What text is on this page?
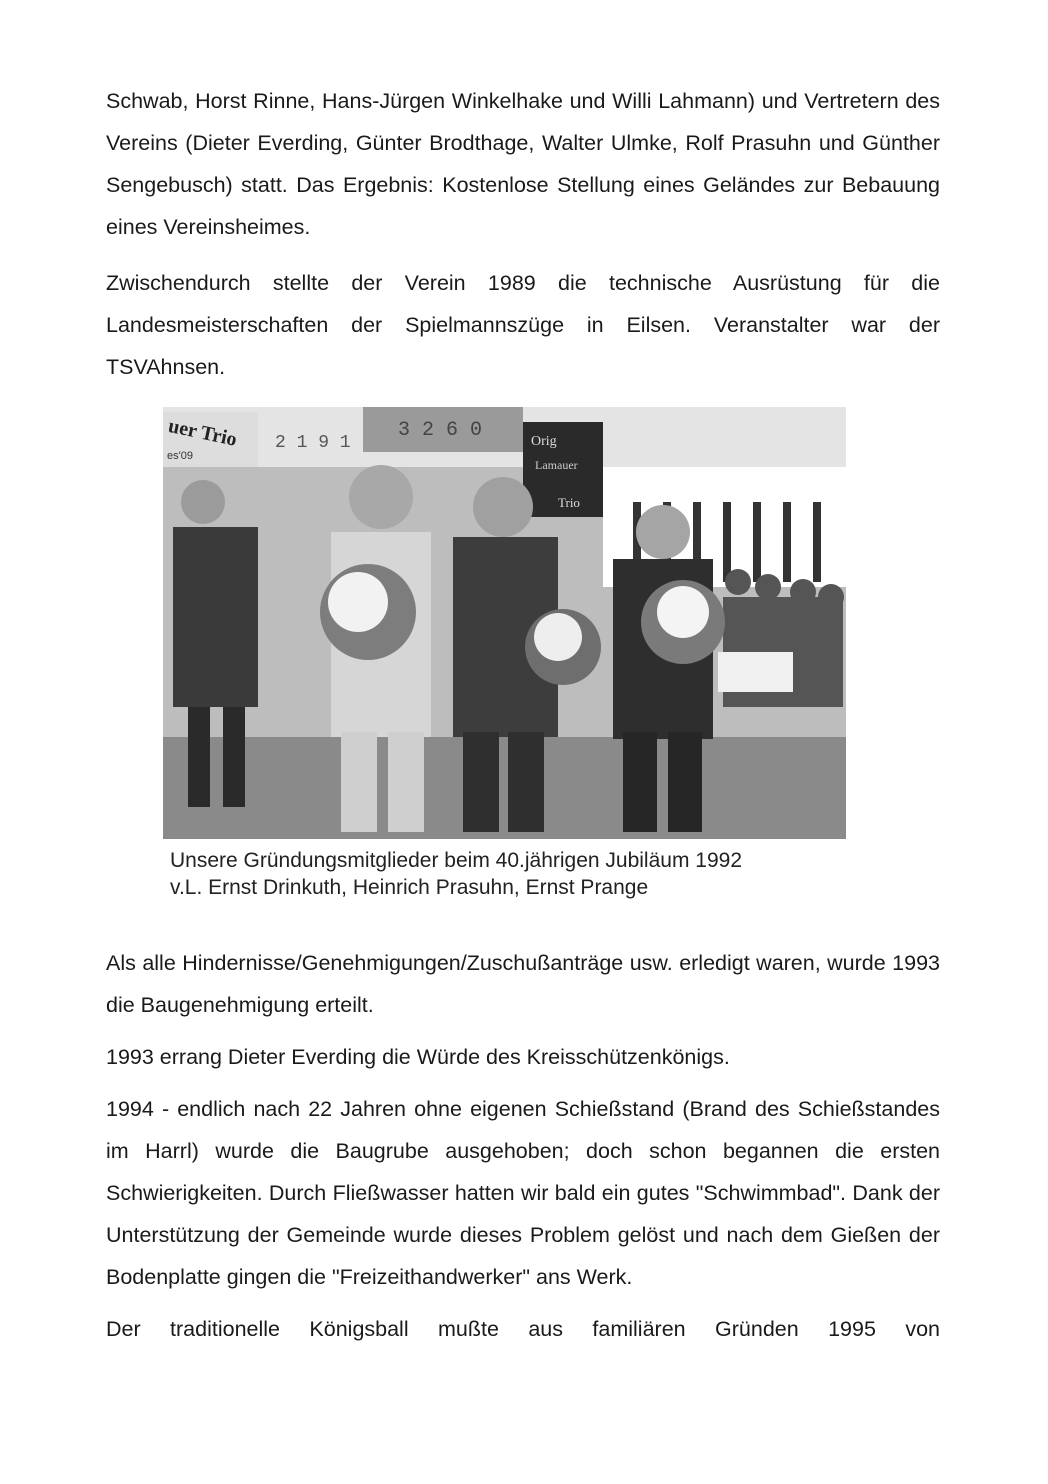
Schwab, Horst Rinne, Hans-Jürgen Winkelhake und Willi Lahmann) und Vertretern des Vereins (Dieter Everding, Günter Brodthage, Walter Ulmke, Rolf Prasuhn und Günther Sengebusch) statt. Das Ergebnis: Kostenlose Stellung eines Geländes zur Bebauung eines Vereinsheimes.

Zwischendurch stellte der Verein 1989 die technische Ausrüstung für die Landesmeisterschaften der Spielmannszüge in Eilsen. Veranstalter war der TSVAhnsen.

uer Trio
es'09
2 1 9 1
3 2 6 0	Orig
Lamauer
Trio
Unsere Gründungsmitglieder beim 40.jährigen Jubiläum 1992
v.L. Ernst Drinkuth, Heinrich Prasuhn, Ernst Prange

Als alle Hindernisse/Genehmigungen/Zuschußanträge usw. erledigt waren, wurde 1993 die Baugenehmigung erteilt.

1993 errang Dieter Everding die Würde des Kreisschützenkönigs.

1994 - endlich nach 22 Jahren ohne eigenen Schießstand (Brand des Schießstandes im Harrl) wurde die Baugrube ausgehoben; doch schon begannen die ersten Schwierigkeiten. Durch Fließwasser hatten wir bald ein gutes "Schwimmbad". Dank der Unterstützung der Gemeinde wurde dieses Problem gelöst und nach dem Gießen der Bodenplatte gingen die "Freizeithandwerker" ans Werk.

Der traditionelle Königsball mußte aus familiären Gründen 1995 von
